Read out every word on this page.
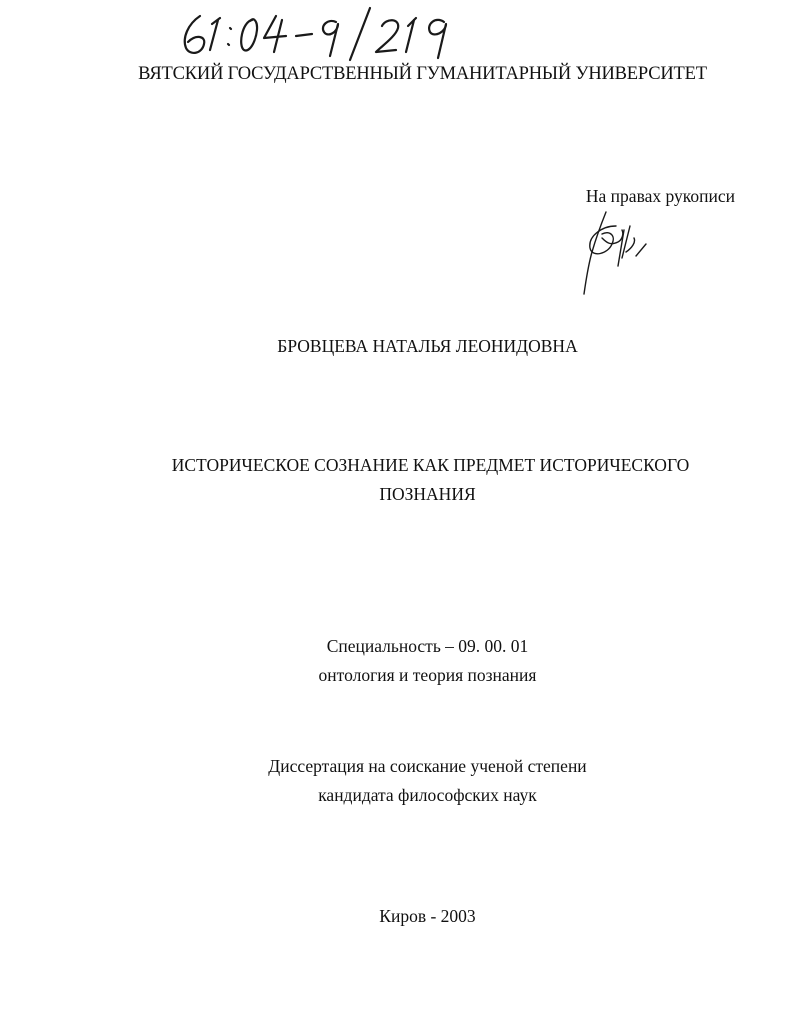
ВЯТСКИЙ ГОСУДАРСТВЕННЫЙ ГУМАНИТАРНЫЙ УНИВЕРСИТЕТ
На правах рукописи
БРОВЦЕВА НАТАЛЬЯ ЛЕОНИДОВНА
ИСТОРИЧЕСКОЕ СОЗНАНИЕ КАК ПРЕДМЕТ ИСТОРИЧЕСКОГО
ПОЗНАНИЯ
Специальность – 09. 00. 01
онтология и теория познания
Диссертация на соискание ученой степени
кандидата философских наук
Киров - 2003
